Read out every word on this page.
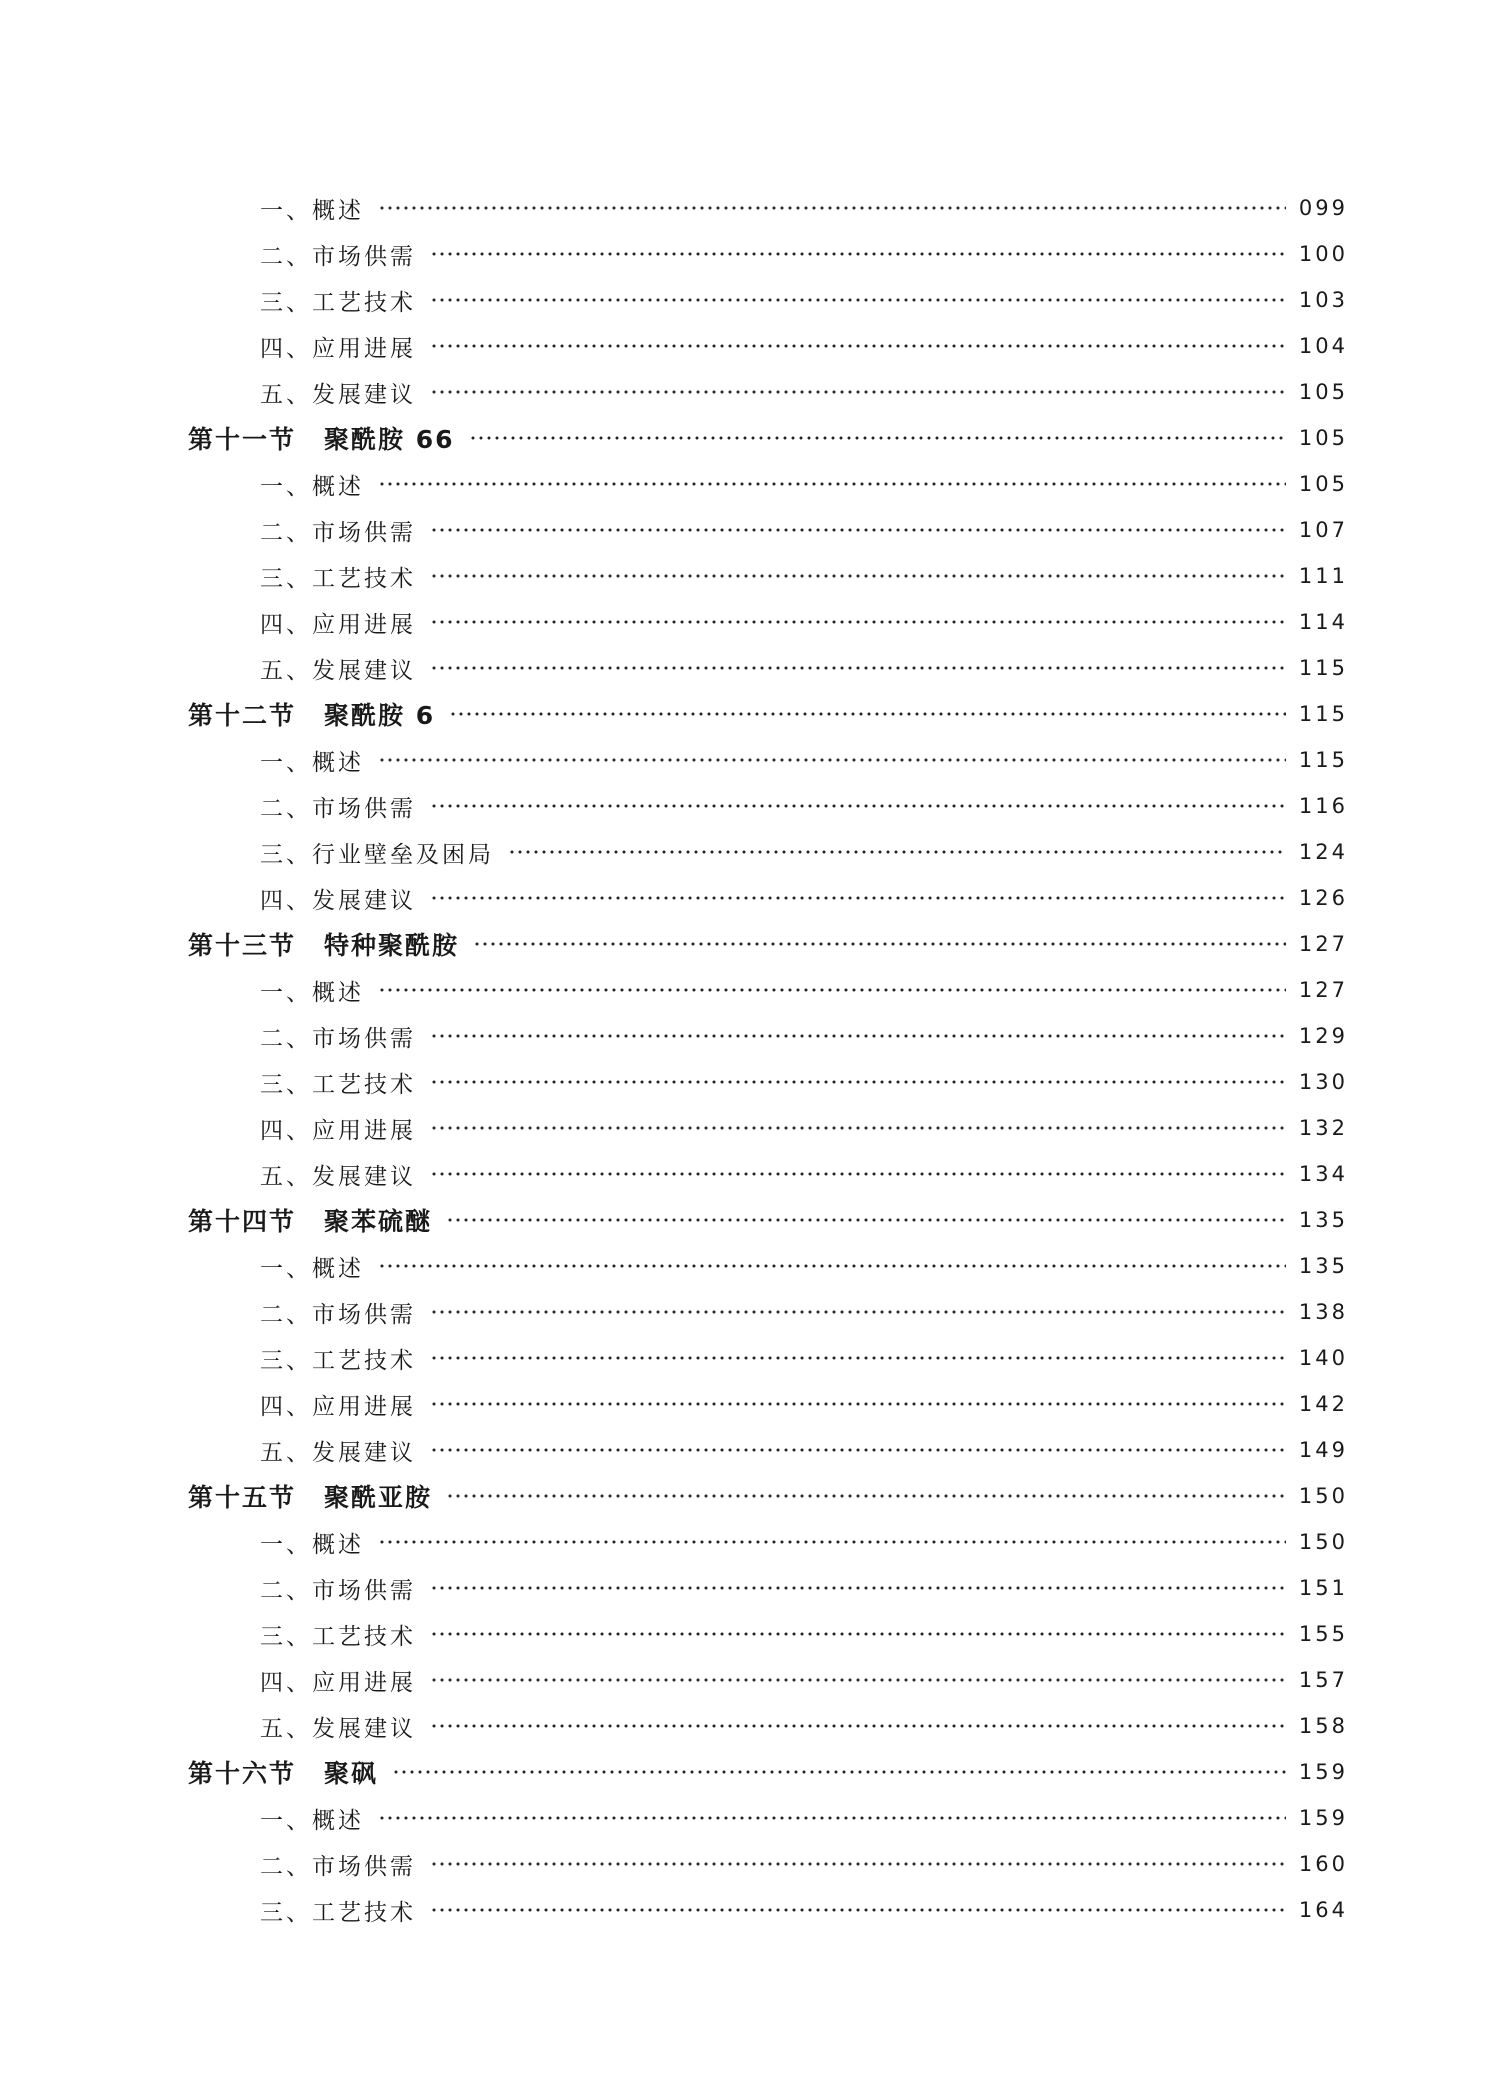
一、概述	099
二、市场供需	100
三、工艺技术	103
四、应用进展	104
五、发展建议	105
第十一节 聚酰胺 66	105
一、概述	105
二、市场供需	107
三、工艺技术	111
四、应用进展	114
五、发展建议	115
第十二节 聚酰胺 6	115
一、概述	115
二、市场供需	116
三、行业壁垒及困局	124
四、发展建议	126
第十三节 特种聚酰胺	127
一、概述	127
二、市场供需	129
三、工艺技术	130
四、应用进展	132
五、发展建议	134
第十四节 聚苯硫醚	135
一、概述	135
二、市场供需	138
三、工艺技术	140
四、应用进展	142
五、发展建议	149
第十五节 聚酰亚胺	150
一、概述	150
二、市场供需	151
三、工艺技术	155
四、应用进展	157
五、发展建议	158
第十六节 聚砜	159
一、概述	159
二、市场供需	160
三、工艺技术	164
